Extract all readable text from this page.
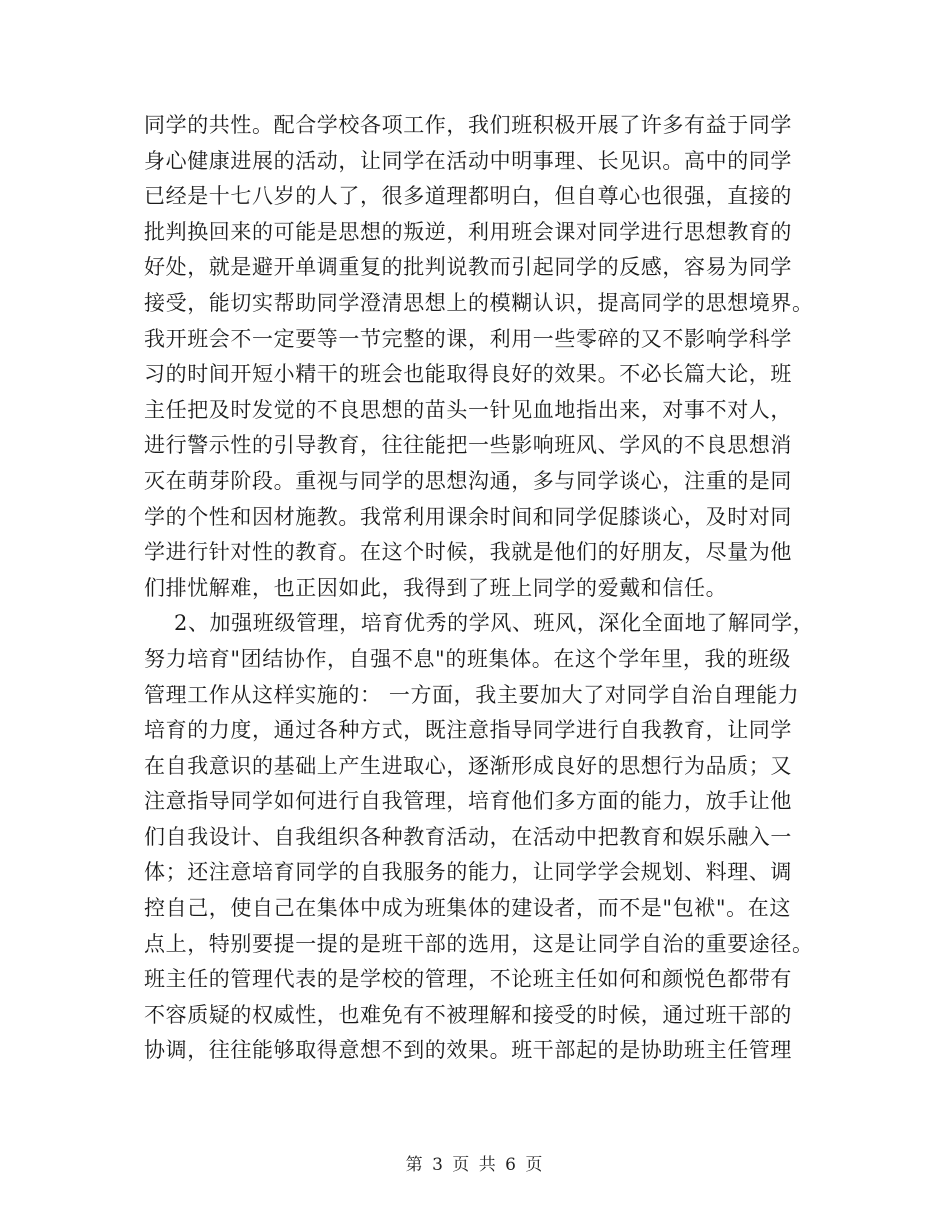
同学的共性。配合学校各项工作，我们班积极开展了许多有益于同学
身心健康进展的活动，让同学在活动中明事理、长见识。高中的同学
已经是十七八岁的人了，很多道理都明白，但自尊心也很强，直接的
批判换回来的可能是思想的叛逆，利用班会课对同学进行思想教育的
好处，就是避开单调重复的批判说教而引起同学的反感，容易为同学
接受，能切实帮助同学澄清思想上的模糊认识，提高同学的思想境界。
我开班会不一定要等一节完整的课，利用一些零碎的又不影响学科学
习的时间开短小精干的班会也能取得良好的效果。不必长篇大论，班
主任把及时发觉的不良思想的苗头一针见血地指出来，对事不对人，
进行警示性的引导教育，往往能把一些影响班风、学风的不良思想消
灭在萌芽阶段。重视与同学的思想沟通，多与同学谈心，注重的是同
学的个性和因材施教。我常利用课余时间和同学促膝谈心，及时对同
学进行针对性的教育。在这个时候，我就是他们的好朋友，尽量为他
们排忧解难，也正因如此，我得到了班上同学的爱戴和信任。
2、加强班级管理，培育优秀的学风、班风，深化全面地了解同学，
努力培育"团结协作，自强不息"的班集体。在这个学年里，我的班级
管理工作从这样实施的： 一方面，我主要加大了对同学自治自理能力
培育的力度，通过各种方式，既注意指导同学进行自我教育，让同学
在自我意识的基础上产生进取心，逐渐形成良好的思想行为品质；又
注意指导同学如何进行自我管理，培育他们多方面的能力，放手让他
们自我设计、自我组织各种教育活动，在活动中把教育和娱乐融入一
体；还注意培育同学的自我服务的能力，让同学学会规划、料理、调
控自己，使自己在集体中成为班集体的建设者，而不是"包袱"。在这
点上，特别要提一提的是班干部的选用，这是让同学自治的重要途径。
班主任的管理代表的是学校的管理，不论班主任如何和颜悦色都带有
不容质疑的权威性，也难免有不被理解和接受的时候，通过班干部的
协调，往往能够取得意想不到的效果。班干部起的是协助班主任管理
第 3 页 共 6 页
